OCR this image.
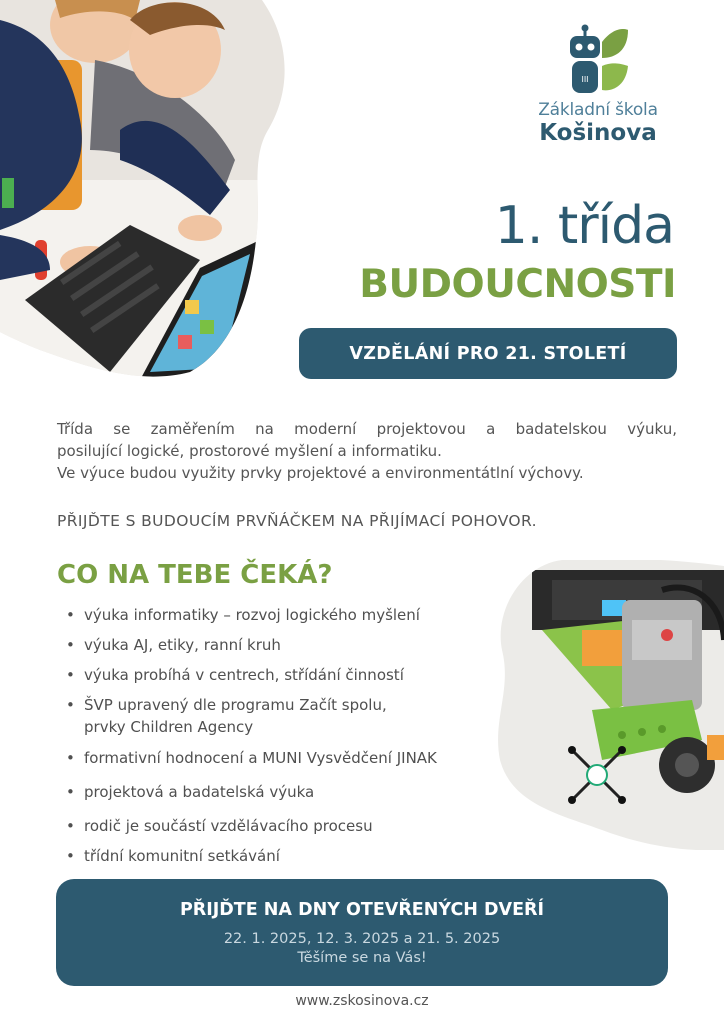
III
Základní škola
Košinova
1. třída
BUDOUCNOSTI
VZDĚLÁNÍ PRO 21. STOLETÍ
Třída se zaměřením na moderní projektovou a badatelskou výuku,
posilující logické, prostorové myšlení a informatiku.
Ve výuce budou využity prvky projektové a environmentátlní výchovy.
PŘIJĎTE S BUDOUCÍM PRVŇÁČKEM NA PŘIJÍMACÍ POHOVOR.
CO NA TEBE ČEKÁ?
• výuka informatiky – rozvoj logického myšlení
• výuka AJ, etiky, ranní kruh
• výuka probíhá v centrech, střídání činností
• ŠVP upravený dle programu Začít spolu,
prvky Children Agency
• formativní hodnocení a MUNI Vysvědčení JINAK
• projektová a badatelská výuka
• rodič je součástí vzdělávacího procesu
• třídní komunitní setkávání
PŘIJĎTE NA DNY OTEVŘENÝCH DVEŘÍ
22. 1. 2025, 12. 3. 2025 a 21. 5. 2025
Těšíme se na Vás!
www.zskosinova.cz
